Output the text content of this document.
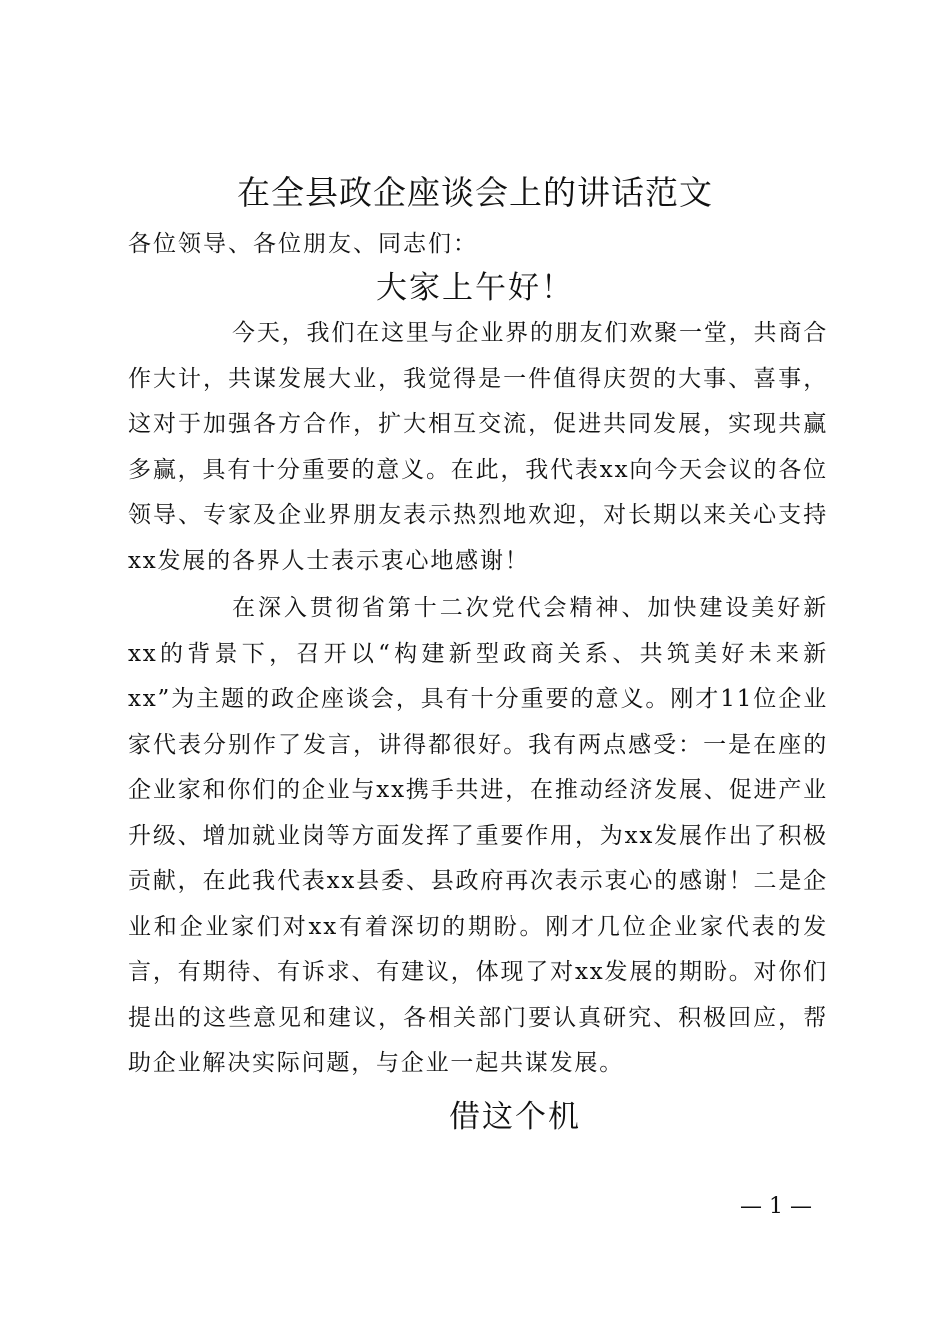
在全县政企座谈会上的讲话范文
各位领导、各位朋友、同志们：
大家上午好！

今天，我们在这里与企业界的朋友们欢聚一堂，共商合作大计，共谋发展大业，我觉得是一件值得庆贺的大事、喜事，这对于加强各方合作，扩大相互交流，促进共同发展，实现共赢多赢，具有十分重要的意义。在此，我代表xx向今天会议的各位领导、专家及企业界朋友表示热烈地欢迎，对长期以来关心支持xx发展的各界人士表示衷心地感谢！

在深入贯彻省第十二次党代会精神、加快建设美好新xx的背景下，召开以“构建新型政商关系、共筑美好未来新xx”为主题的政企座谈会，具有十分重要的意义。刚才11位企业家代表分别作了发言，讲得都很好。我有两点感受：一是在座的企业家和你们的企业与xx携手共进，在推动经济发展、促进产业升级、增加就业岗等方面发挥了重要作用，为xx发展作出了积极贡献，在此我代表xx县委、县政府再次表示衷心的感谢！二是企业和企业家们对xx有着深切的期盼。刚才几位企业家代表的发言，有期待、有诉求、有建议，体现了对xx发展的期盼。对你们提出的这些意见和建议，各相关部门要认真研究、积极回应，帮助企业解决实际问题，与企业一起共谋发展。

借这个机
— 1 —
